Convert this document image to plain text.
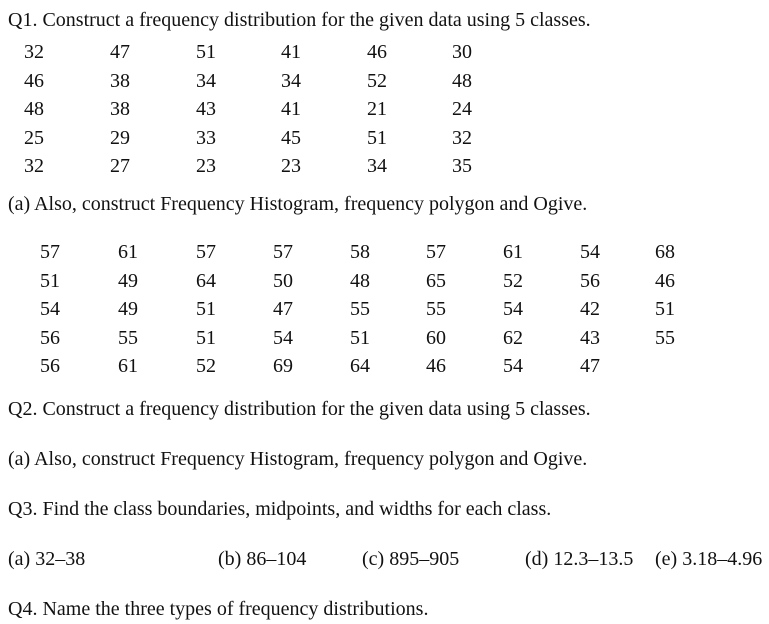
Q1. Construct a frequency distribution for the given data using 5 classes.
32	47	51	41	46	30
46	38	34	34	52	48
48	38	43	41	21	24
25	29	33	45	51	32
32	27	23	23	34	35
(a) Also, construct Frequency Histogram, frequency polygon and Ogive.
57	61	57	57	58	57	61	54	68
51	49	64	50	48	65	52	56	46
54	49	51	47	55	55	54	42	51
56	55	51	54	51	60	62	43	55
56	61	52	69	64	46	54	47
Q2. Construct a frequency distribution for the given data using 5 classes.
(a) Also, construct Frequency Histogram, frequency polygon and Ogive.
Q3. Find the class boundaries, midpoints, and widths for each class.
(a) 32–38	(b) 86–104	(c) 895–905	(d) 12.3–13.5 (e) 3.18–4.96
Q4. Name the three types of frequency distributions.
